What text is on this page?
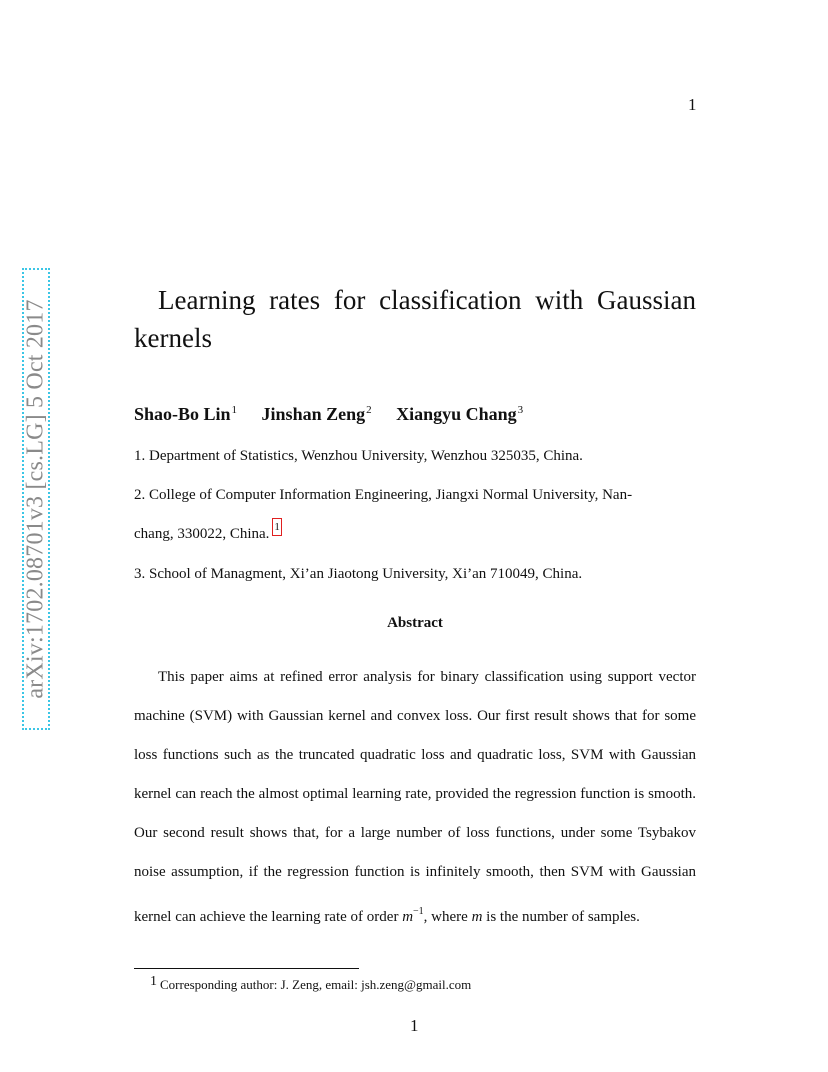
1
arXiv:1702.08701v3 [cs.LG] 5 Oct 2017	Learning rates for classification with Gaussian kernels
Shao-Bo Lin$^1$ Jinshan Zeng$^2$ Xiangyu Chang$^3$

1. Department of Statistics, Wenzhou University, Wenzhou 325035, China.

2. College of Computer Information Engineering, Jiangxi Normal University, Nan-
chang, 330022, China. 1

3. School of Managment, Xi’an Jiaotong University, Xi’an 710049, China.

Abstract

This paper aims at refined error analysis for binary classification using support vector machine (SVM) with Gaussian kernel and convex loss. Our first result shows that for some loss functions such as the truncated quadratic loss and quadratic loss, SVM with Gaussian kernel can reach the almost optimal learning rate, provided the regression function is smooth. Our second result shows that, for a large number of loss functions, under some Tsybakov noise assumption, if the regression function is infinitely smooth, then SVM with Gaussian kernel can achieve the learning rate of order $m^{-1}$, where m is the number of samples.

1 Corresponding author: J. Zeng, email: jsh.zeng@gmail.com
1
